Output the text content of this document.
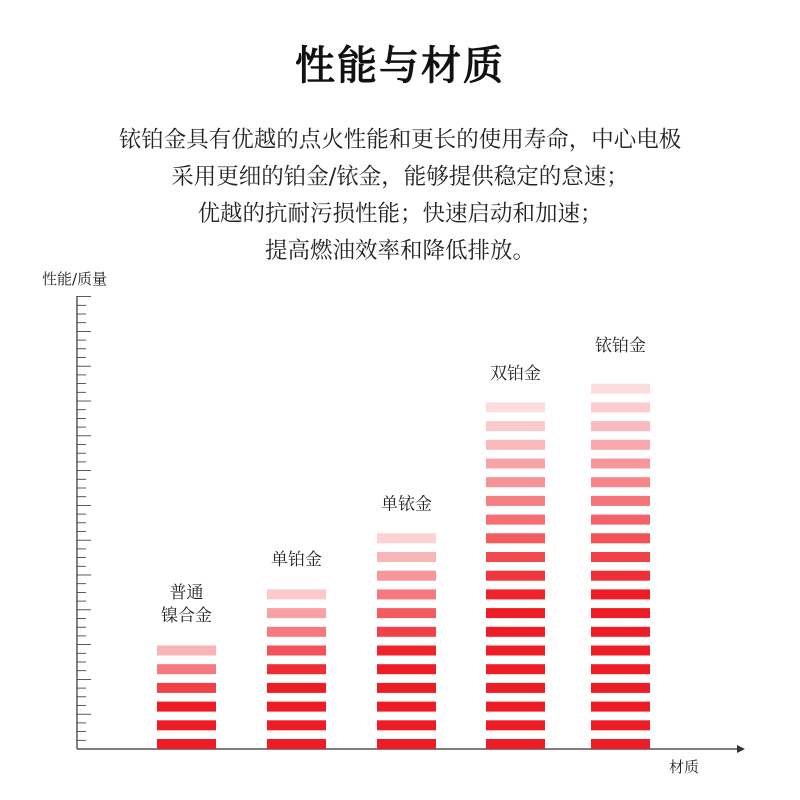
性能与材质
铱铂金具有优越的点火性能和更长的使用寿命，中心电极
采用更细的铂金/铱金，能够提供稳定的怠速；
优越的抗耐污损性能；快速启动和加速；
提高燃油效率和降低排放。
普通
镍合金
单铂金
单铱金
双铂金
铱铂金
性能/质量
材质
